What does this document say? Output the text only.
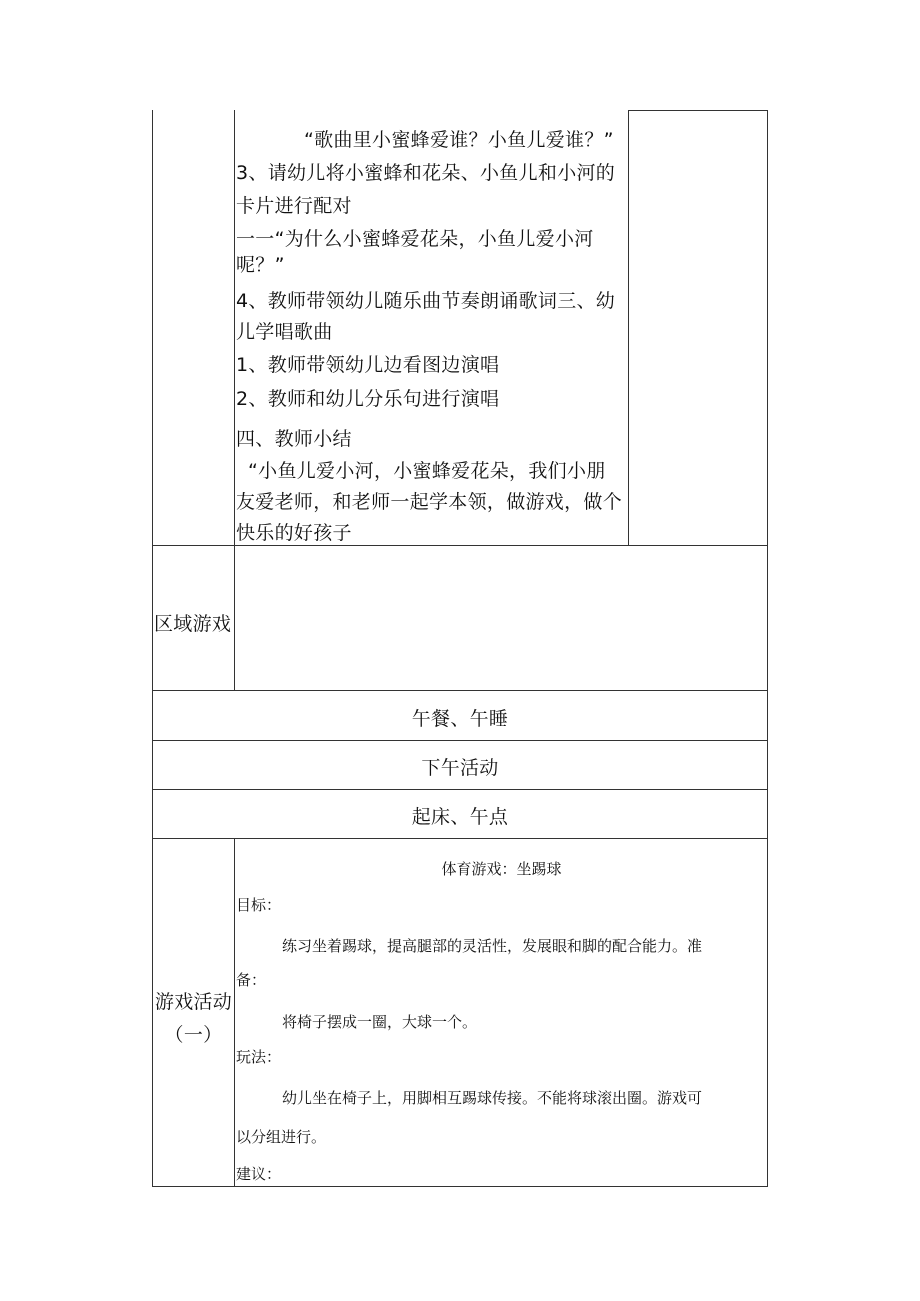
“歌曲里小蜜蜂爱谁？小鱼儿爱谁？”
3、请幼儿将小蜜蜂和花朵、小鱼儿和小河的
卡片进行配对
一一“为什么小蜜蜂爱花朵，小鱼儿爱小河
呢？”
4、教师带领幼儿随乐曲节奏朗诵歌词三、幼
儿学唱歌曲
1、教师带领幼儿边看图边演唱
2、教师和幼儿分乐句进行演唱
四、教师小结
“小鱼儿爱小河，小蜜蜂爱花朵，我们小朋
友爱老师，和老师一起学本领，做游戏，做个
快乐的好孩子
区域游戏
午餐、午睡
下午活动
起床、午点
游戏活动
（一）
体育游戏：坐踢球
目标：
练习坐着踢球，提高腿部的灵活性，发展眼和脚的配合能力。准
备：
将椅子摆成一圈，大球一个。
玩法：
幼儿坐在椅子上，用脚相互踢球传接。不能将球滚出圈。游戏可
以分组进行。
建议：
